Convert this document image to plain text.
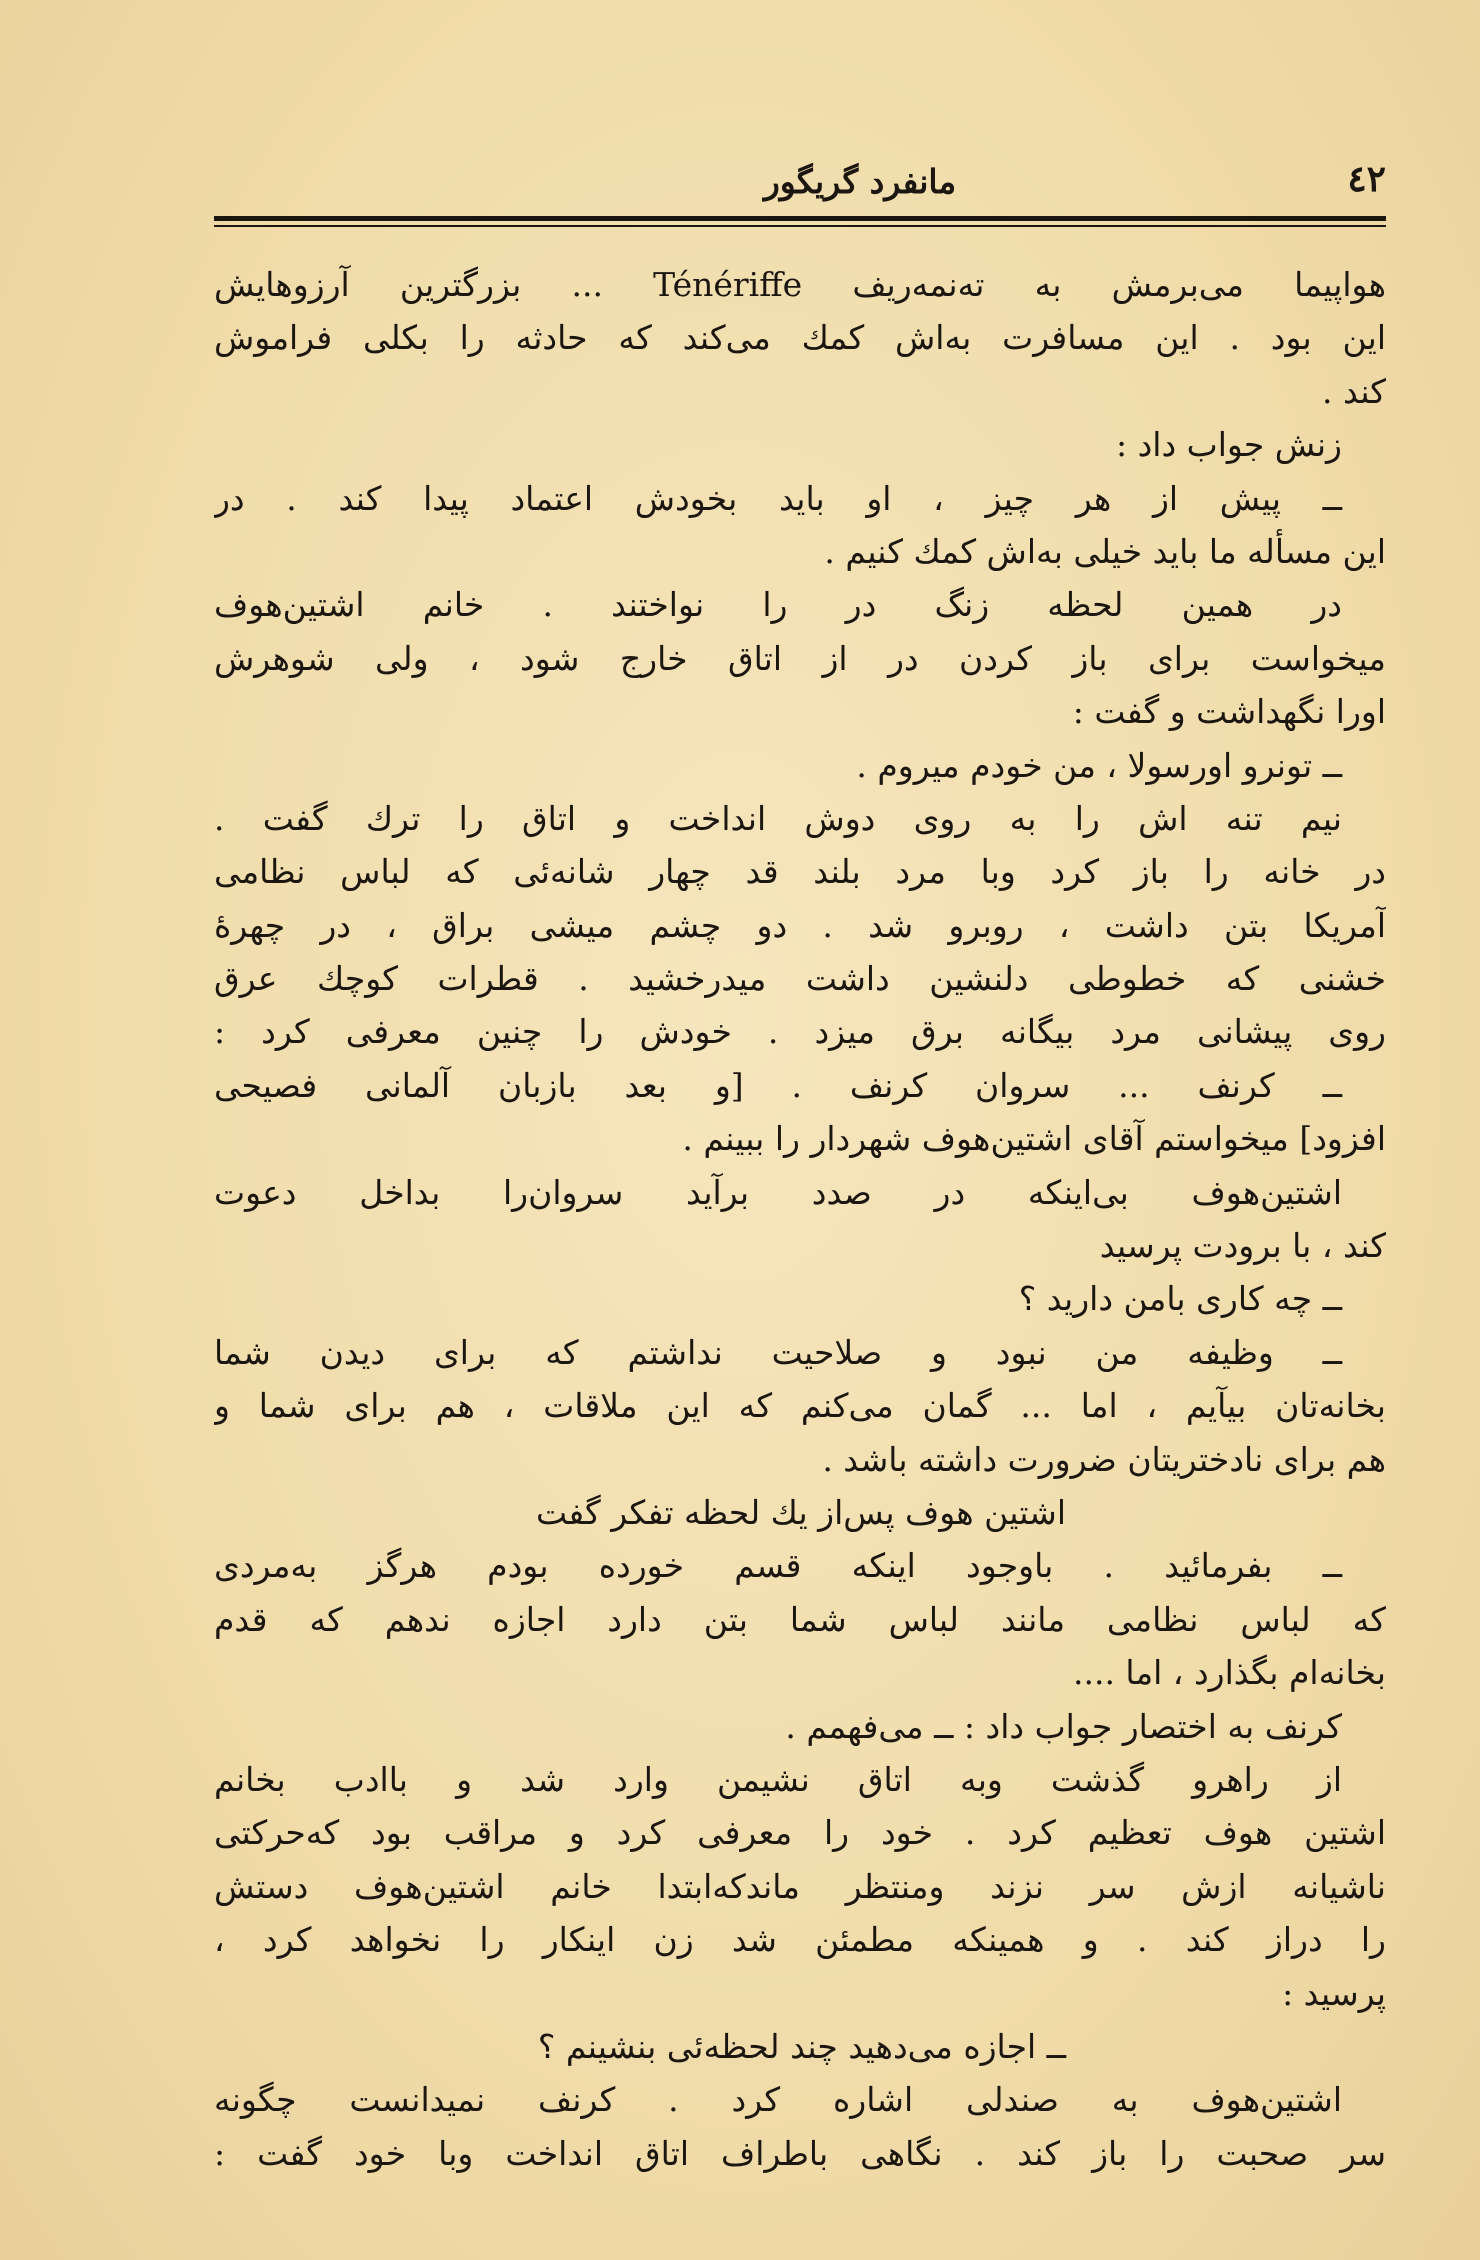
٤٢
مانفرد گریگور
هواپیما می‌برمش به تەنمەریف Ténériffe ... بزرگترین آرزوهایش
این بود . این مسافرت به‌اش کمك می‌کند که حادثه را بکلی فراموش
کند .
زنش جواب داد :
ــ پیش از هر چیز ، او باید بخودش اعتماد پیدا کند . در
این مسأله ما باید خیلی به‌اش کمك کنیم .
در همین لحظه زنگ در را نواختند . خانم اشتین‌هوف
میخواست برای باز کردن در از اتاق خارج شود ، ولی شوهرش
اورا نگهداشت و گفت :
ــ تونرو اورسولا ، من خودم میروم .
نیم تنه اش را به روی دوش انداخت و اتاق را ترك گفت .
در خانه را باز کرد وبا مرد بلند قد چهار شانه‌ئی که لباس نظامی
آمریکا بتن داشت ، روبرو شد . دو چشم میشی براق ، در چهرهٔ
خشنی که خطوطی دلنشین داشت میدرخشید . قطرات کوچك عرق
روی پیشانی مرد بیگانه برق میزد . خودش را چنین معرفی کرد :
ــ کرنف ... سروان کرنف . [و بعد بازبان آلمانی فصیحی
افزود] میخواستم آقای اشتین‌هوف شهردار را ببینم .
اشتین‌هوف بی‌اینکه در صدد برآید سروان‌را بداخل دعوت
کند ، با برودت پرسید
ــ چه کاری بامن دارید ؟
ــ وظیفه من نبود و صلاحیت نداشتم که برای دیدن شما
بخانه‌تان بیآیم ، اما ... گمان می‌کنم که این ملاقات ، هم برای شما و
هم برای نادختریتان ضرورت داشته باشد .
اشتین هوف پس‌از یك لحظه تفکر گفت
ــ بفرمائید . باوجود اینکه قسم خورده بودم هرگز به‌مردی
که لباس نظامی مانند لباس شما بتن دارد اجازه ندهم که قدم
بخانه‌ام بگذارد ، اما ....
کرنف به اختصار جواب داد : ــ می‌فهمم .
از راهرو گذشت وبه اتاق نشیمن وارد شد و باادب بخانم
اشتین هوف تعظیم کرد . خود را معرفی کرد و مراقب بود که‌حرکتی
ناشیانه ازش سر نزند ومنتظر ماندکه‌ابتدا خانم اشتین‌هوف دستش
را دراز کند . و همینکه مطمئن شد زن اینکار را نخواهد کرد ،
پرسید :
ــ اجازه می‌دهید چند لحظه‌ئی بنشینم ؟
اشتین‌هوف به صندلی اشاره کرد . کرنف نمیدانست چگونه
سر صحبت را باز کند . نگاهی باطراف اتاق انداخت وبا خود گفت :
